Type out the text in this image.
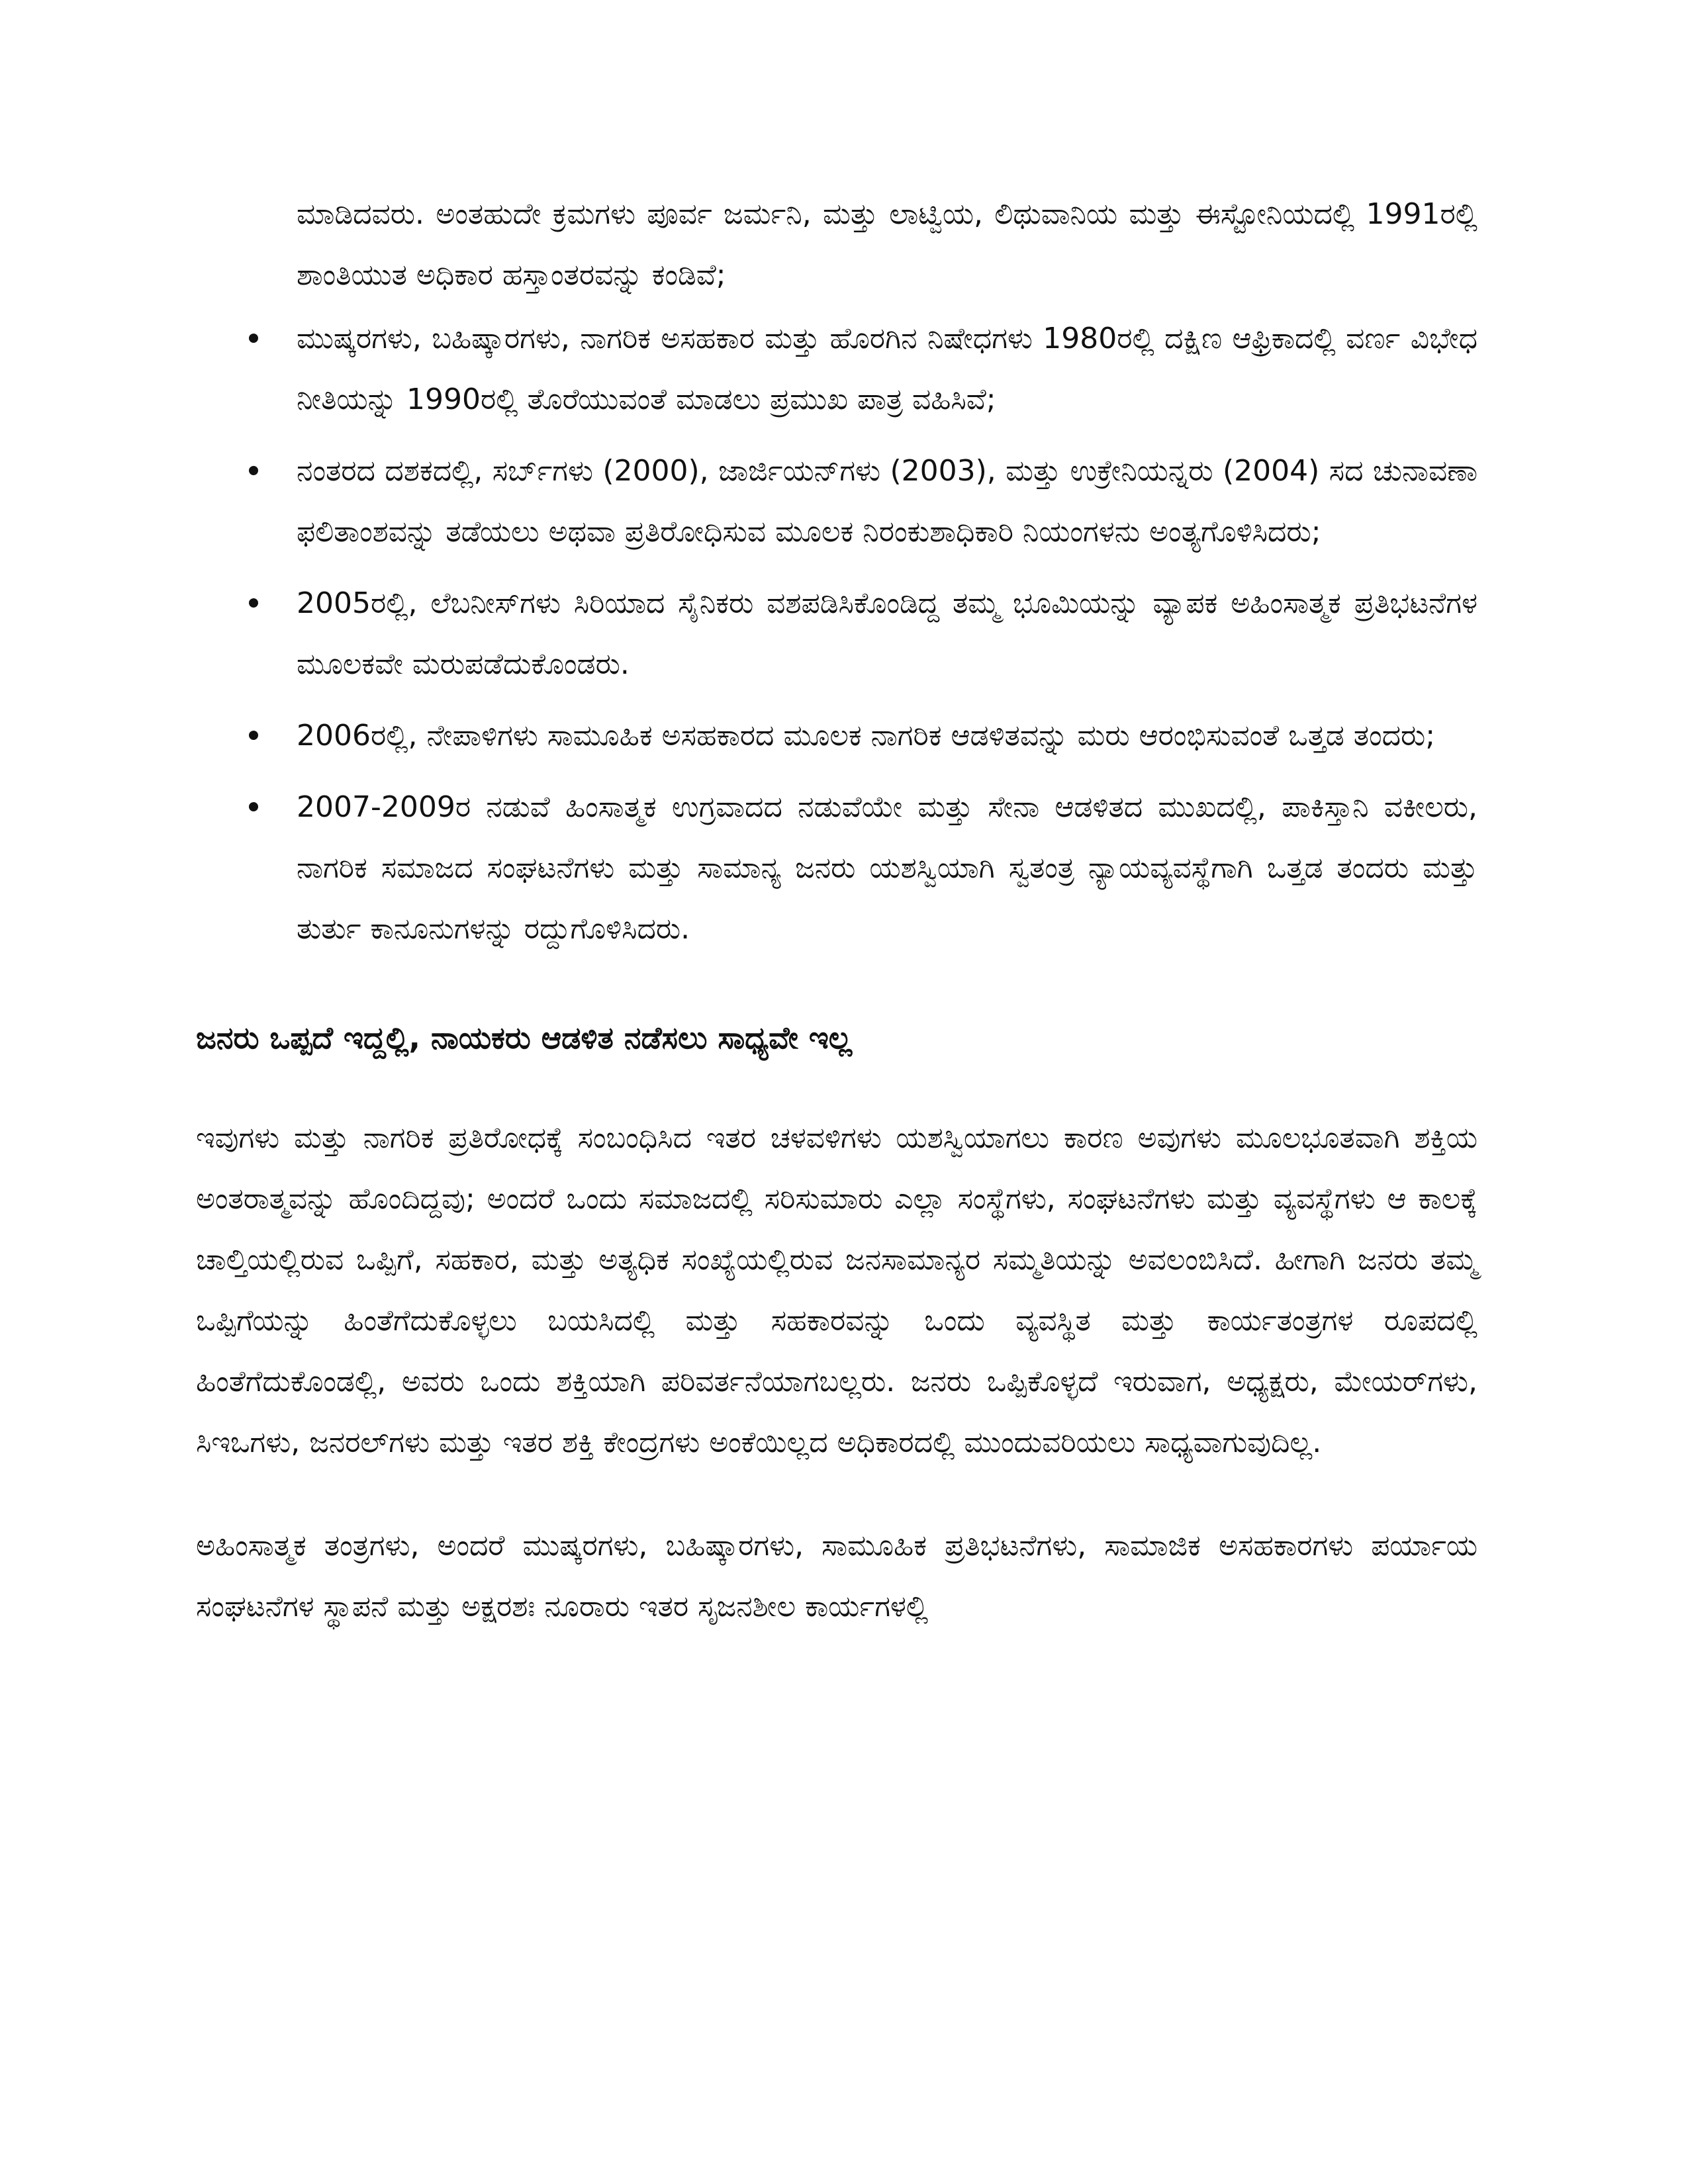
ಮಾಡಿದವರು. ಅಂತಹುದೇ ಕ್ರಮಗಳು ಪೂರ್ವ ಜರ್ಮನಿ, ಮತ್ತು ಲಾಟ್ವಿಯ, ಲಿಥುವಾನಿಯ ಮತ್ತು ಈಸ್ಟೋನಿಯದಲ್ಲಿ 1991ರಲ್ಲಿ ಶಾಂತಿಯುತ ಅಧಿಕಾರ ಹಸ್ತಾಂತರವನ್ನು ಕಂಡಿವೆ;

ಮುಷ್ಕರಗಳು, ಬಹಿಷ್ಕಾರಗಳು, ನಾಗರಿಕ ಅಸಹಕಾರ ಮತ್ತು ಹೊರಗಿನ ನಿಷೇಧಗಳು 1980ರಲ್ಲಿ ದಕ್ಷಿಣ ಆಫ್ರಿಕಾದಲ್ಲಿ ವರ್ಣ ವಿಭೇಧ ನೀತಿಯನ್ನು 1990ರಲ್ಲಿ ತೊರೆಯುವಂತೆ ಮಾಡಲು ಪ್ರಮುಖ ಪಾತ್ರ ವಹಿಸಿವೆ;
ನಂತರದ ದಶಕದಲ್ಲಿ, ಸರ್ಬ್‌ಗಳು (2000), ಜಾರ್ಜಿಯನ್‌ಗಳು (2003), ಮತ್ತು ಉಕ್ರೇನಿಯನ್ನರು (2004) ಸದ ಚುನಾವಣಾ ಫಲಿತಾಂಶವನ್ನು ತಡೆಯಲು ಅಥವಾ ಪ್ರತಿರೋಧಿಸುವ ಮೂಲಕ ನಿರಂಕುಶಾಧಿಕಾರಿ ನಿಯಂಗಳನು ಅಂತ್ಯಗೊಳಿಸಿದರು;
2005ರಲ್ಲಿ, ಲೆಬನೀಸ್‌ಗಳು ಸಿರಿಯಾದ ಸೈನಿಕರು ವಶಪಡಿಸಿಕೊಂಡಿದ್ದ ತಮ್ಮ ಭೂಮಿಯನ್ನು ವ್ಯಾಪಕ ಅಹಿಂಸಾತ್ಮಕ ಪ್ರತಿಭಟನೆಗಳ ಮೂಲಕವೇ ಮರುಪಡೆದುಕೊಂಡರು.
2006ರಲ್ಲಿ, ನೇಪಾಳಿಗಳು ಸಾಮೂಹಿಕ ಅಸಹಕಾರದ ಮೂಲಕ ನಾಗರಿಕ ಆಡಳಿತವನ್ನು ಮರು ಆರಂಭಿಸುವಂತೆ ಒತ್ತಡ ತಂದರು;
2007-2009ರ ನಡುವೆ ಹಿಂಸಾತ್ಮಕ ಉಗ್ರವಾದದ ನಡುವೆಯೇ ಮತ್ತು ಸೇನಾ ಆಡಳಿತದ ಮುಖದಲ್ಲಿ, ಪಾಕಿಸ್ತಾನಿ ವಕೀಲರು, ನಾಗರಿಕ ಸಮಾಜದ ಸಂಘಟನೆಗಳು ಮತ್ತು ಸಾಮಾನ್ಯ ಜನರು ಯಶಸ್ವಿಯಾಗಿ ಸ್ವತಂತ್ರ ನ್ಯಾಯವ್ಯವಸ್ಥೆಗಾಗಿ ಒತ್ತಡ ತಂದರು ಮತ್ತು ತುರ್ತು ಕಾನೂನುಗಳನ್ನು ರದ್ದುಗೊಳಿಸಿದರು.
ಜನರು ಒಪ್ಪದೆ ಇದ್ದಲ್ಲಿ, ನಾಯಕರು ಆಡಳಿತ ನಡೆಸಲು ಸಾಧ್ಯವೇ ಇಲ್ಲ

ಇವುಗಳು ಮತ್ತು ನಾಗರಿಕ ಪ್ರತಿರೋಧಕ್ಕೆ ಸಂಬಂಧಿಸಿದ ಇತರ ಚಳವಳಿಗಳು ಯಶಸ್ವಿಯಾಗಲು ಕಾರಣ ಅವುಗಳು ಮೂಲಭೂತವಾಗಿ ಶಕ್ತಿಯ ಅಂತರಾತ್ಮವನ್ನು ಹೊಂದಿದ್ದವು; ಅಂದರೆ ಒಂದು ಸಮಾಜದಲ್ಲಿ ಸರಿಸುಮಾರು ಎಲ್ಲಾ ಸಂಸ್ಥೆಗಳು, ಸಂಘಟನೆಗಳು ಮತ್ತು ವ್ಯವಸ್ಥೆಗಳು ಆ ಕಾಲಕ್ಕೆ ಚಾಲ್ತಿಯಲ್ಲಿರುವ ಒಪ್ಪಿಗೆ, ಸಹಕಾರ, ಮತ್ತು ಅತ್ಯಧಿಕ ಸಂಖ್ಯೆಯಲ್ಲಿರುವ ಜನಸಾಮಾನ್ಯರ ಸಮ್ಮತಿಯನ್ನು ಅವಲಂಬಿಸಿದೆ. ಹೀಗಾಗಿ ಜನರು ತಮ್ಮ ಒಪ್ಪಿಗೆಯನ್ನು ಹಿಂತೆಗೆದುಕೊಳ್ಳಲು ಬಯಸಿದಲ್ಲಿ ಮತ್ತು ಸಹಕಾರವನ್ನು ಒಂದು ವ್ಯವಸ್ಥಿತ ಮತ್ತು ಕಾರ್ಯತಂತ್ರಗಳ ರೂಪದಲ್ಲಿ ಹಿಂತೆಗೆದುಕೊಂಡಲ್ಲಿ, ಅವರು ಒಂದು ಶಕ್ತಿಯಾಗಿ ಪರಿವರ್ತನೆಯಾಗಬಲ್ಲರು. ಜನರು ಒಪ್ಪಿಕೊಳ್ಳದೆ ಇರುವಾಗ, ಅಧ್ಯಕ್ಷರು, ಮೇಯರ್‌ಗಳು, ಸಿಇಒಗಳು, ಜನರಲ್‌ಗಳು ಮತ್ತು ಇತರ ಶಕ್ತಿ ಕೇಂದ್ರಗಳು ಅಂಕೆಯಿಲ್ಲದ ಅಧಿಕಾರದಲ್ಲಿ ಮುಂದುವರಿಯಲು ಸಾಧ್ಯವಾಗುವುದಿಲ್ಲ.

ಅಹಿಂಸಾತ್ಮಕ ತಂತ್ರಗಳು, ಅಂದರೆ ಮುಷ್ಕರಗಳು, ಬಹಿಷ್ಕಾರಗಳು, ಸಾಮೂಹಿಕ ಪ್ರತಿಭಟನೆಗಳು, ಸಾಮಾಜಿಕ ಅಸಹಕಾರಗಳು ಪರ್ಯಾಯ ಸಂಘಟನೆಗಳ ಸ್ಥಾಪನೆ ಮತ್ತು ಅಕ್ಷರಶಃ ನೂರಾರು ಇತರ ಸೃಜನಶೀಲ ಕಾರ್ಯಗಳಲ್ಲಿ
